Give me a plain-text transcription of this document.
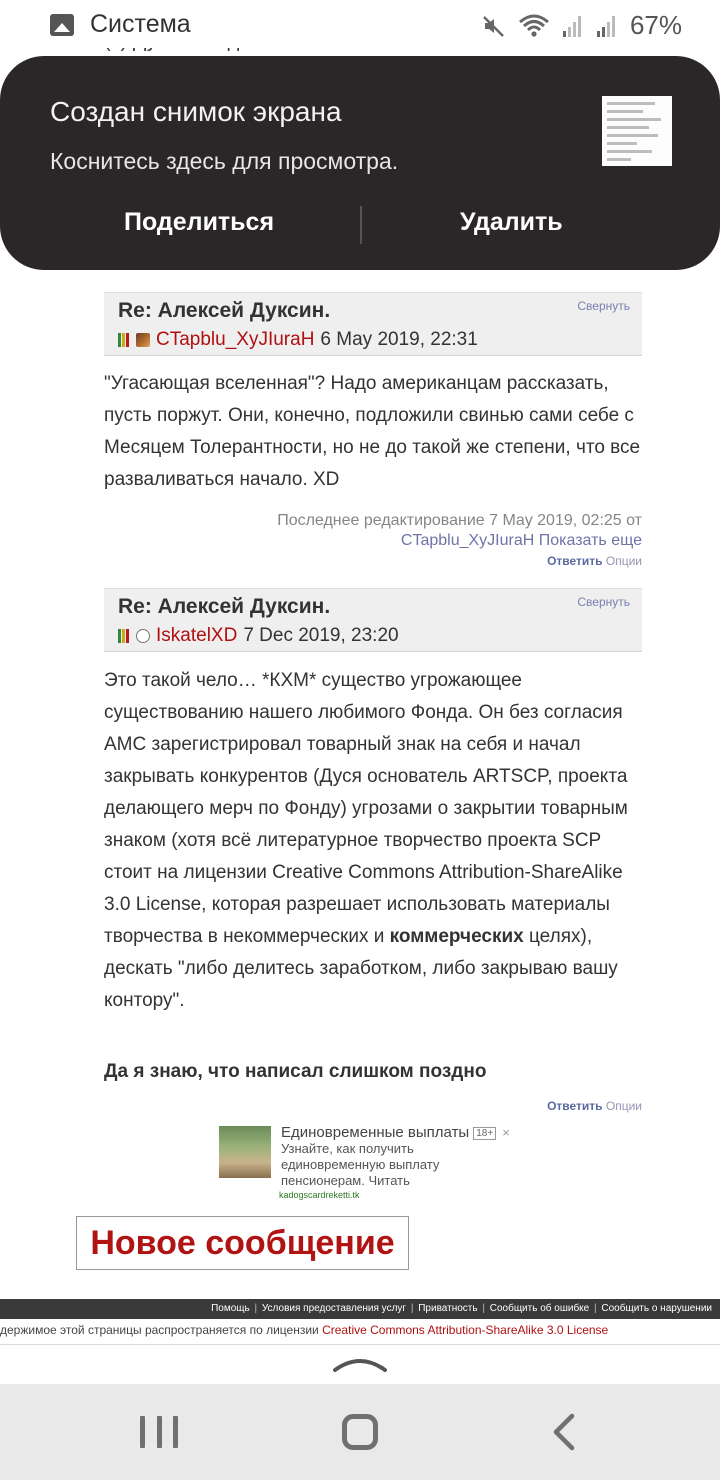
Система	67%
Создан снимок экрана
Коснитесь здесь для просмотра.
Поделиться	Удалить
Re: Алексей Дуксин.	Свернуть
CTapblu_XyJIuraH 6 May 2019, 22:31
"Угасающая вселенная"? Надо американцам рассказать, пусть поржут. Они, конечно, подложили свинью сами себе с Месяцем Толерантности, но не до такой же степени, что все разваливаться начало. XD
Последнее редактирование 7 May 2019, 02:25 от
CTapblu_XyJIuraH Показать еще
Ответить Опции
Re: Алексей Дуксин.	Свернуть
IskatelXD 7 Dec 2019, 23:20
Это такой чело… *КХМ* существо угрожающее существованию нашего любимого Фонда. Он без согласия АМС зарегистрировал товарный знак на себя и начал закрывать конкурентов (Дуся основатель ARTSCP, проекта делающего мерч по Фонду) угрозами о закрытии товарным знаком (хотя всё литературное творчество проекта SCP стоит на лицензии Creative Commons Attribution-ShareAlike 3.0 License, которая разрешает использовать материалы творчества в некоммерческих и коммерческих целях), дескать "либо делитесь заработком, либо закрываю вашу контору".
Да я знаю, что написал слишком поздно
Ответить Опции
Единовременные выплаты 18+ ×
Узнайте, как получить единовременную выплату пенсионерам. Читать
kadogscardreketti.tk
Новое сообщение
Помощь | Условия предоставления услуг | Приватность | Сообщить об ошибке | Сообщить о нарушении
держимое этой страницы распространяется по лицензии Creative Commons Attribution-ShareAlike 3.0 License
